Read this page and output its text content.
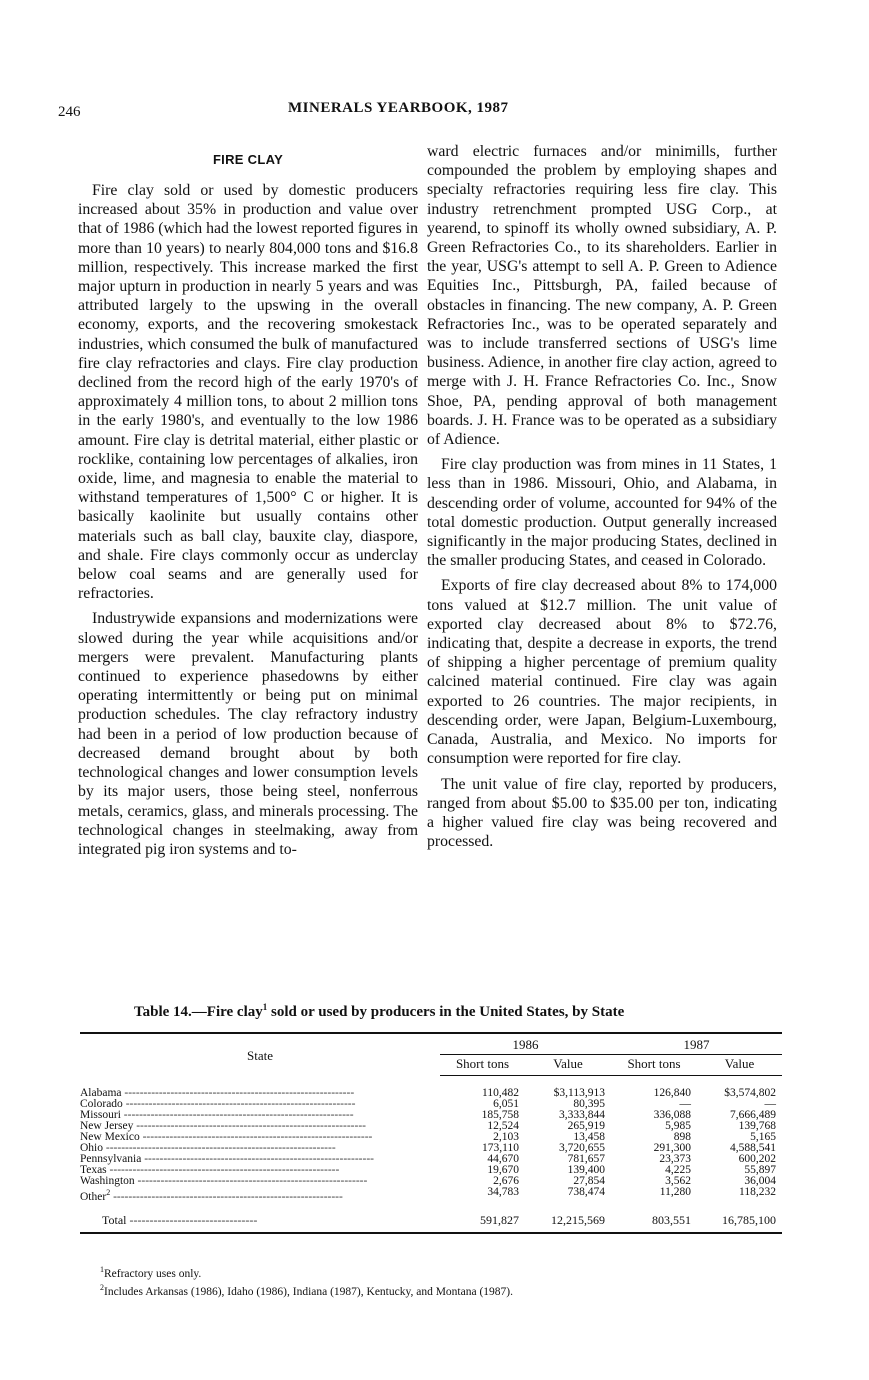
246	MINERALS YEARBOOK, 1987
FIRE CLAY

Fire clay sold or used by domestic producers increased about 35% in production and value over that of 1986 (which had the lowest reported figures in more than 10 years) to nearly 804,000 tons and $16.8 million, respectively. This increase marked the first major upturn in production in nearly 5 years and was attributed largely to the upswing in the overall economy, exports, and the recovering smokestack industries, which consumed the bulk of manufactured fire clay refractories and clays. Fire clay production declined from the record high of the early 1970's of approximately 4 million tons, to about 2 million tons in the early 1980's, and eventually to the low 1986 amount. Fire clay is detrital material, either plastic or rocklike, containing low percentages of alkalies, iron oxide, lime, and magnesia to enable the material to withstand temperatures of 1,500° C or higher. It is basically kaolinite but usually contains other materials such as ball clay, bauxite clay, diaspore, and shale. Fire clays commonly occur as underclay below coal seams and are generally used for refractories.

Industrywide expansions and modernizations were slowed during the year while acquisitions and/or mergers were prevalent. Manufacturing plants continued to experience phasedowns by either operating intermittently or being put on minimal production schedules. The clay refractory industry had been in a period of low production because of decreased demand brought about by both technological changes and lower consumption levels by its major users, those being steel, nonferrous metals, ceramics, glass, and minerals processing. The technological changes in steelmaking, away from integrated pig iron systems and to-

ward electric furnaces and/or minimills, further compounded the problem by employing shapes and specialty refractories requiring less fire clay. This industry retrenchment prompted USG Corp., at yearend, to spinoff its wholly owned subsidiary, A. P. Green Refractories Co., to its shareholders. Earlier in the year, USG's attempt to sell A. P. Green to Adience Equities Inc., Pittsburgh, PA, failed because of obstacles in financing. The new company, A. P. Green Refractories Inc., was to be operated separately and was to include transferred sections of USG's lime business. Adience, in another fire clay action, agreed to merge with J. H. France Refractories Co. Inc., Snow Shoe, PA, pending approval of both management boards. J. H. France was to be operated as a subsidiary of Adience.

Fire clay production was from mines in 11 States, 1 less than in 1986. Missouri, Ohio, and Alabama, in descending order of volume, accounted for 94% of the total domestic production. Output generally increased significantly in the major producing States, declined in the smaller producing States, and ceased in Colorado.

Exports of fire clay decreased about 8% to 174,000 tons valued at $12.7 million. The unit value of exported clay decreased about 8% to $72.76, indicating that, despite a decrease in exports, the trend of shipping a higher percentage of premium quality calcined material continued. Fire clay was again exported to 26 countries. The major recipients, in descending order, were Japan, Belgium-Luxembourg, Canada, Australia, and Mexico. No imports for consumption were reported for fire clay.

The unit value of fire clay, reported by producers, ranged from about $5.00 to $35.00 per ton, indicating a higher valued fire clay was being recovered and processed.

Table 14.—Fire clay$^1$ sold or used by producers in the United States, by State
State	1986		1987	
	Short tons	Value	Short tons	Value
Alabama ------------------------------------------------------------	110,482	$3,113,913	126,840	$3,574,802
Colorado ------------------------------------------------------------	6,051	80,395	—	—
Missouri ------------------------------------------------------------	185,758	3,333,844	336,088	7,666,489
New Jersey ------------------------------------------------------------	12,524	265,919	5,985	139,768
New Mexico ------------------------------------------------------------	2,103	13,458	898	5,165
Ohio ------------------------------------------------------------	173,110	3,720,655	291,300	4,588,541
Pennsylvania ------------------------------------------------------------	44,670	781,657	23,373	600,202
Texas ------------------------------------------------------------	19,670	139,400	4,225	55,897
Washington ------------------------------------------------------------	2,676	27,854	3,562	36,004
Other$^2$ ------------------------------------------------------------	34,783	738,474	11,280	118,232
Total --------------------------------	591,827	12,215,569	803,551	16,785,100
$^1$Refractory uses only.
$^2$Includes Arkansas (1986), Idaho (1986), Indiana (1987), Kentucky, and Montana (1987).
